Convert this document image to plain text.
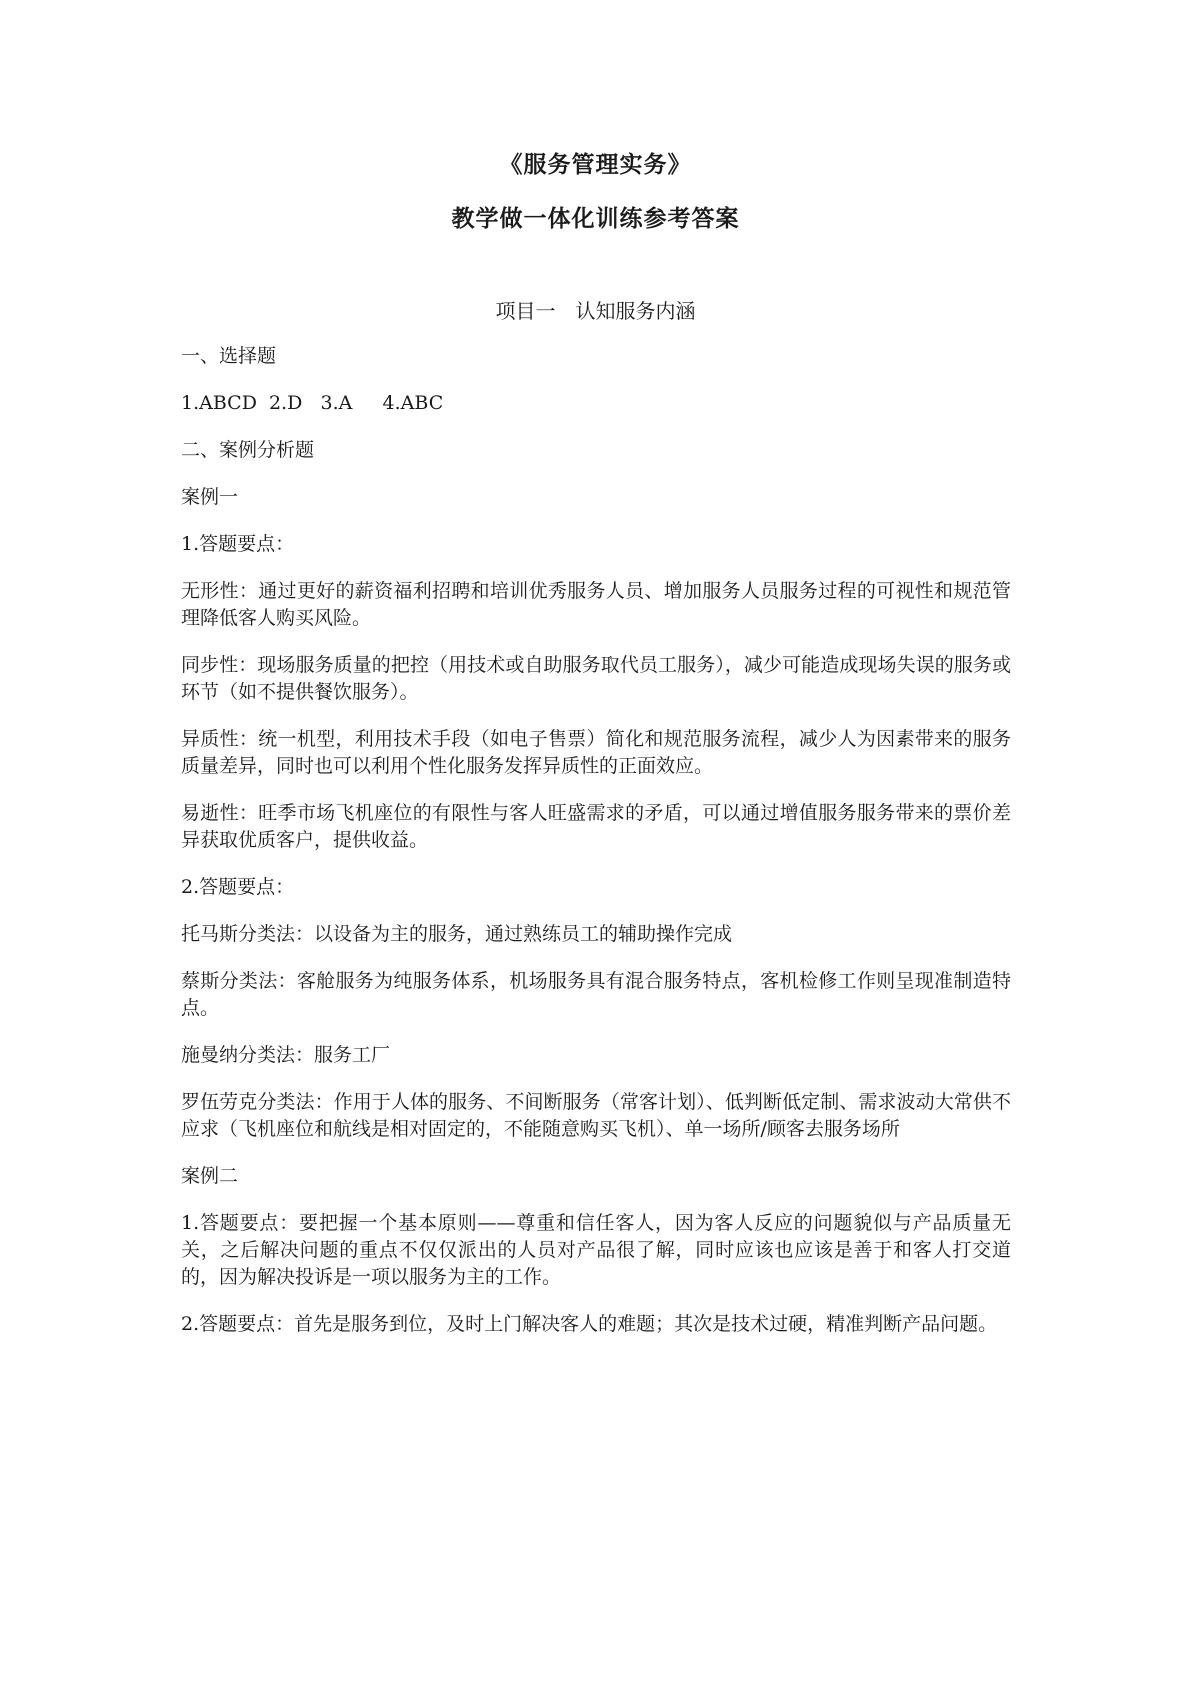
《服务管理实务》
教学做一体化训练参考答案
项目一　认知服务内涵

一、选择题

1.ABCD  2.D   3.A     4.ABC

二、案例分析题

案例一

1.答题要点：

无形性：通过更好的薪资福利招聘和培训优秀服务人员、增加服务人员服务过程的可视性和规范管理降低客人购买风险。

同步性：现场服务质量的把控（用技术或自助服务取代员工服务），减少可能造成现场失误的服务或环节（如不提供餐饮服务）。

异质性：统一机型，利用技术手段（如电子售票）简化和规范服务流程，减少人为因素带来的服务质量差异，同时也可以利用个性化服务发挥异质性的正面效应。

易逝性：旺季市场飞机座位的有限性与客人旺盛需求的矛盾，可以通过增值服务服务带来的票价差异获取优质客户，提供收益。

2.答题要点：

托马斯分类法：以设备为主的服务，通过熟练员工的辅助操作完成

蔡斯分类法：客舱服务为纯服务体系，机场服务具有混合服务特点，客机检修工作则呈现准制造特点。

施曼纳分类法：服务工厂

罗伍劳克分类法：作用于人体的服务、不间断服务（常客计划）、低判断低定制、需求波动大常供不应求（飞机座位和航线是相对固定的，不能随意购买飞机）、单一场所/顾客去服务场所

案例二

1.答题要点：要把握一个基本原则——尊重和信任客人，因为客人反应的问题貌似与产品质量无关，之后解决问题的重点不仅仅派出的人员对产品很了解，同时应该也应该是善于和客人打交道的，因为解决投诉是一项以服务为主的工作。

2.答题要点：首先是服务到位，及时上门解决客人的难题；其次是技术过硬，精准判断产品问题。
